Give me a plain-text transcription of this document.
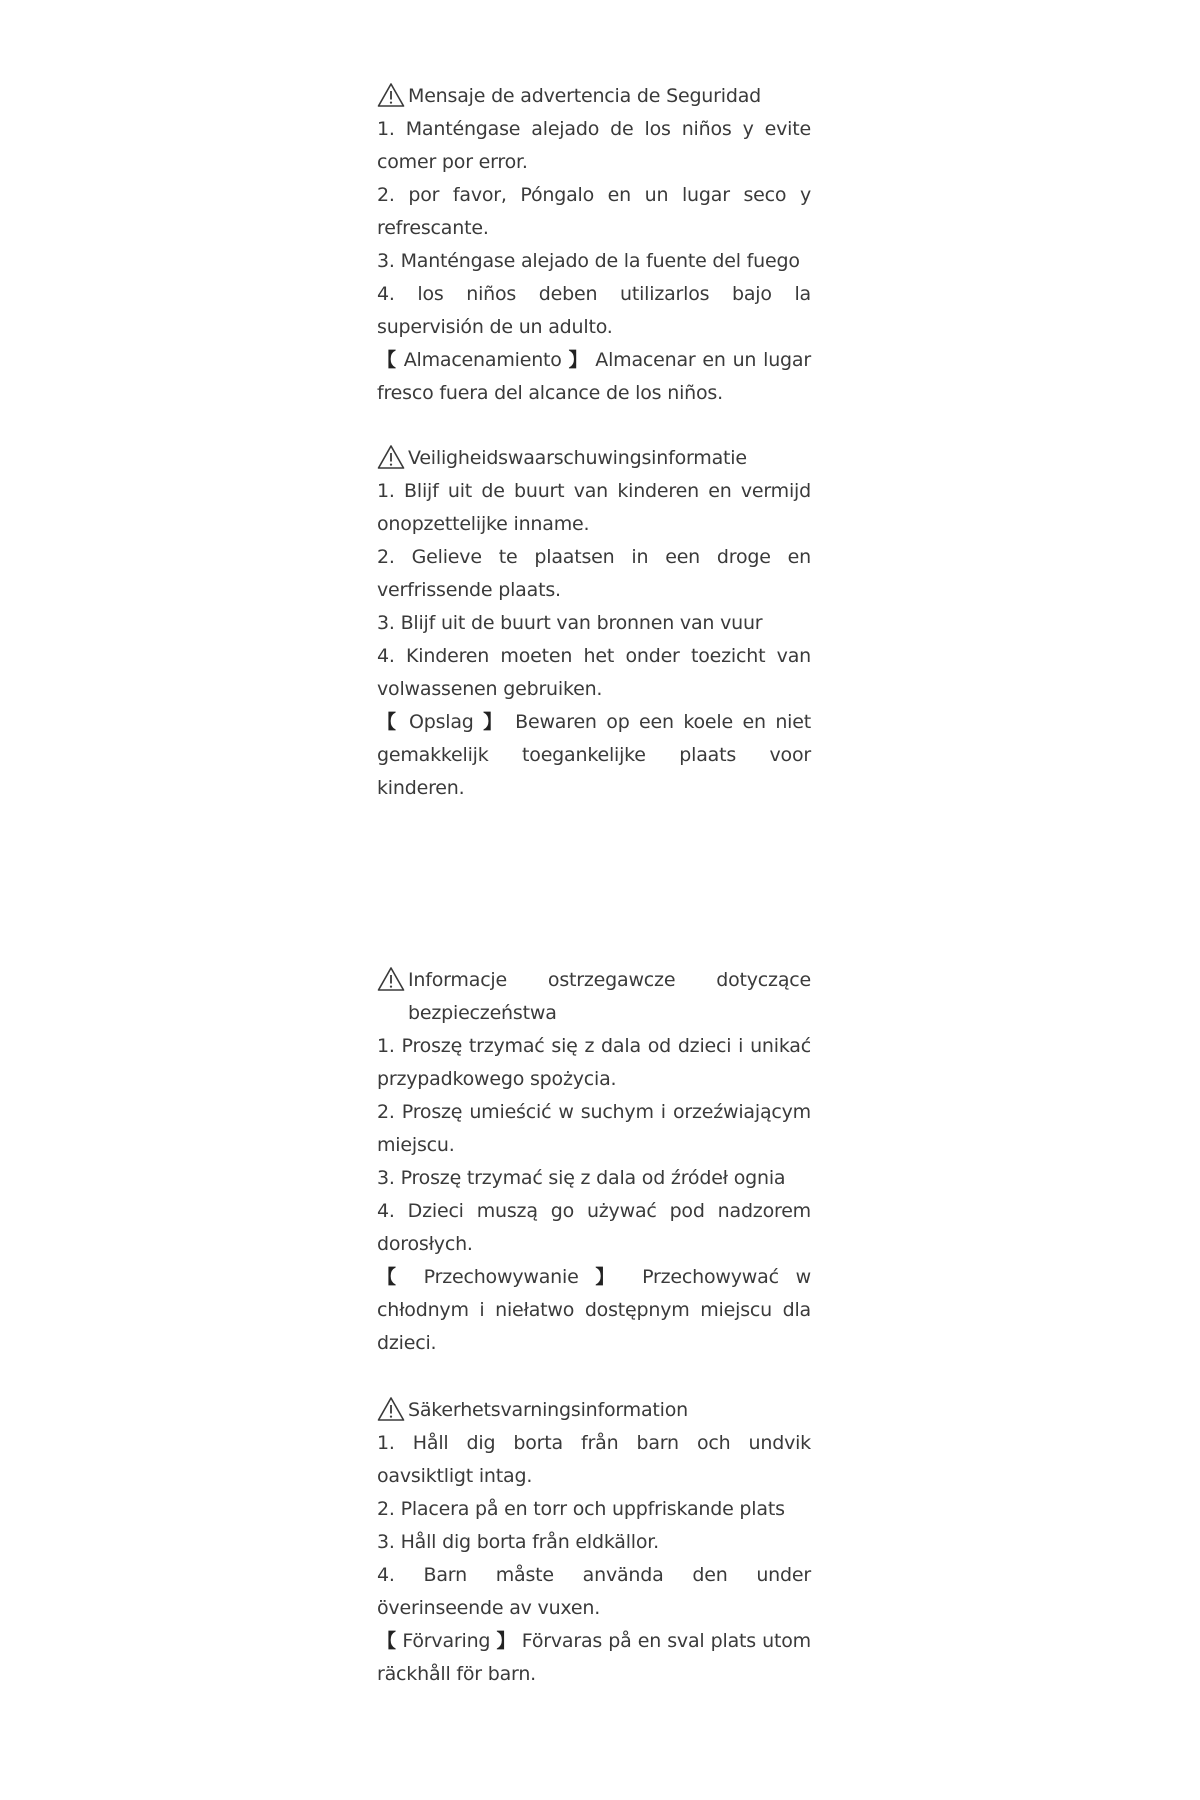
Mensaje de advertencia de Seguridad

1. Manténgase alejado de los niños y evite comer por error.

2. por favor, Póngalo en un lugar seco y refrescante.

3. Manténgase alejado de la fuente del fuego

4. los niños deben utilizarlos bajo la supervisión de un adulto.

【 Almacenamiento 】 Almacenar en un lugar fresco fuera del alcance de los niños.

Veiligheidswaarschuwingsinformatie

1. Blijf uit de buurt van kinderen en vermijd onopzettelijke inname.

2. Gelieve te plaatsen in een droge en verfrissende plaats.

3. Blijf uit de buurt van bronnen van vuur

4. Kinderen moeten het onder toezicht van volwassenen gebruiken.

【 Opslag 】 Bewaren op een koele en niet gemakkelijk toegankelijke plaats voor kinderen.

Informacje ostrzegawcze dotyczące bezpieczeństwa

1. Proszę trzymać się z dala od dzieci i unikać przypadkowego spożycia.

2. Proszę umieścić w suchym i orzeźwiającym miejscu.

3. Proszę trzymać się z dala od źródeł ognia

4. Dzieci muszą go używać pod nadzorem dorosłych.

【 Przechowywanie 】 Przechowywać w chłodnym i niełatwo dostępnym miejscu dla dzieci.

Säkerhetsvarningsinformation

1. Håll dig borta från barn och undvik oavsiktligt intag.

2. Placera på en torr och uppfriskande plats

3. Håll dig borta från eldkällor.

4. Barn måste använda den under överinseende av vuxen.

【 Förvaring 】 Förvaras på en sval plats utom räckhåll för barn.
